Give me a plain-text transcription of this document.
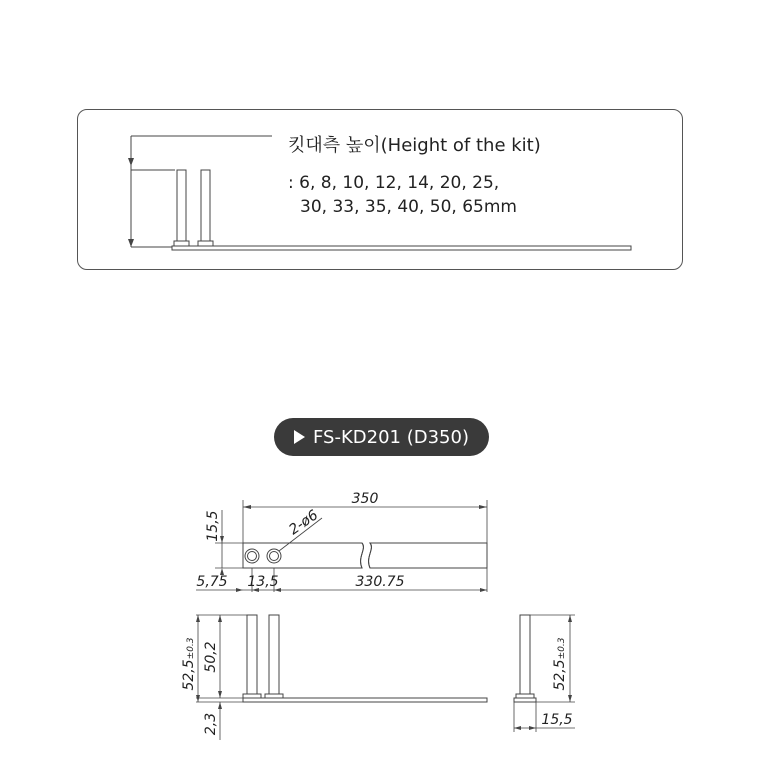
킷대측 높이(Height of the kit)
: 6, 8, 10, 12, 14, 20, 25,
30, 33, 35, 40, 50, 65mm
FS-KD201 (D350)
350
15,5	2-ø6
5,75 13,5	330.75
52,5±0.3 50,2
2,3
52,5±0.3
15,5
